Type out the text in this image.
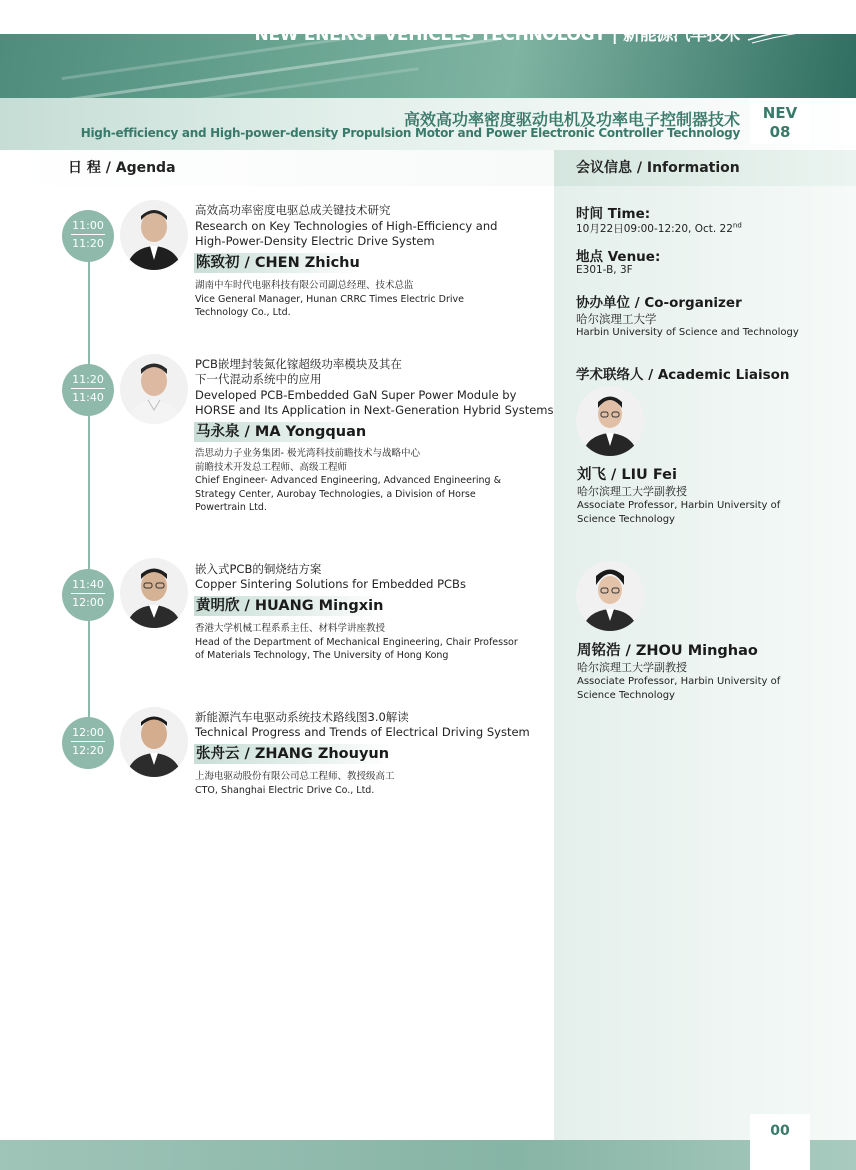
NEW ENERGY VEHICLES TECHNOLOGY | 新能源汽车技术 SAECCE
高效高功率密度驱动电机及功率电子控制器技术
High-efficiency and High-power-density Propulsion Motor and Power Electronic Controller Technology
NEV
08
日 程 / Agenda	会议信息 / Information
11:00
11:20
高效高功率密度电驱总成关键技术研究
Research on Key Technologies of High-Efficiency and
High-Power-Density Electric Drive System
陈致初 / CHEN Zhichu
湖南中车时代电驱科技有限公司副总经理、技术总监
Vice General Manager, Hunan CRRC Times Electric Drive
Technology Co., Ltd.
11:20
11:40
PCB嵌埋封装氮化镓超级功率模块及其在
下一代混动系统中的应用
Developed PCB-Embedded GaN Super Power Module by
HORSE and Its Application in Next-Generation Hybrid Systems
马永泉 / MA Yongquan
浩思动力子业务集团- 极光湾科技前瞻技术与战略中心
前瞻技术开发总工程师、高级工程师
Chief Engineer- Advanced Engineering, Advanced Engineering &
Strategy Center, Aurobay Technologies, a Division of Horse
Powertrain Ltd.
11:40
12:00
嵌入式PCB的铜烧结方案
Copper Sintering Solutions for Embedded PCBs
黄明欣 / HUANG Mingxin
香港大学机械工程系系主任、材料学讲座教授
Head of the Department of Mechanical Engineering, Chair Professor
of Materials Technology, The University of Hong Kong
12:00
12:20
新能源汽车电驱动系统技术路线图3.0解读
Technical Progress and Trends of Electrical Driving System
张舟云 / ZHANG Zhouyun
上海电驱动股份有限公司总工程师、教授级高工
CTO, Shanghai Electric Drive Co., Ltd.
时间 Time:
10月22日09:00-12:20, Oct. 22nd
地点 Venue:
E301-B, 3F
协办单位 / Co-organizer
哈尔滨理工大学
Harbin University of Science and Technology
学术联络人 / Academic Liaison
刘飞 / LIU Fei
哈尔滨理工大学副教授
Associate Professor, Harbin University of
Science Technology
周铭浩 / ZHOU Minghao
哈尔滨理工大学副教授
Associate Professor, Harbin University of
Science Technology
00
